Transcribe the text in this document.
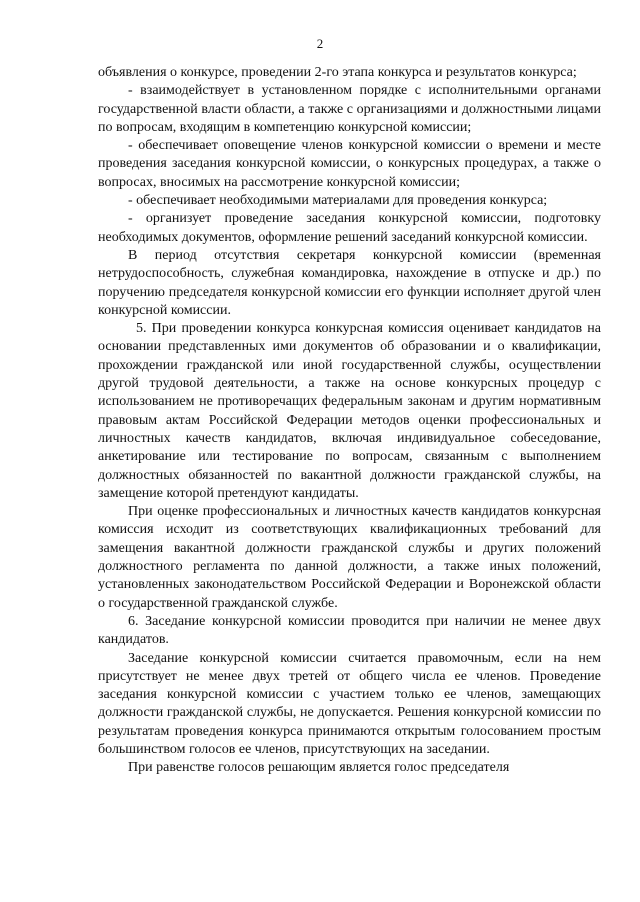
2

объявления о конкурсе, проведении 2-го этапа конкурса и результатов конкурса;

- взаимодействует в установленном порядке с исполнительными органами государственной власти области, а также с организациями и должностными лицами по вопросам, входящим в компетенцию конкурсной комиссии;

- обеспечивает оповещение членов конкурсной комиссии о времени и месте проведения заседания конкурсной комиссии, о конкурсных процедурах, а также о вопросах, вносимых на рассмотрение конкурсной комиссии;

- обеспечивает необходимыми материалами для проведения конкурса;

- организует проведение заседания конкурсной комиссии, подготовку необходимых документов, оформление решений заседаний конкурсной комиссии.

В период отсутствия секретаря конкурсной комиссии (временная нетрудоспособность, служебная командировка, нахождение в отпуске и др.) по поручению председателя конкурсной комиссии его функции исполняет другой член конкурсной комиссии.

5. При проведении конкурса конкурсная комиссия оценивает кандидатов на основании представленных ими документов об образовании и о квалификации, прохождении гражданской или иной государственной службы, осуществлении другой трудовой деятельности, а также на основе конкурсных процедур с использованием не противоречащих федеральным законам и другим нормативным правовым актам Российской Федерации методов оценки профессиональных и личностных качеств кандидатов, включая индивидуальное собеседование, анкетирование или тестирование по вопросам, связанным с выполнением должностных обязанностей по вакантной должности гражданской службы, на замещение которой претендуют кандидаты.

При оценке профессиональных и личностных качеств кандидатов конкурсная комиссия исходит из соответствующих квалификационных требований для замещения вакантной должности гражданской службы и других положений должностного регламента по данной должности, а также иных положений, установленных законодательством Российской Федерации и Воронежской области о государственной гражданской службе.

6. Заседание конкурсной комиссии проводится при наличии не менее двух кандидатов.

Заседание конкурсной комиссии считается правомочным, если на нем присутствует не менее двух третей от общего числа ее членов. Проведение заседания конкурсной комиссии с участием только ее членов, замещающих должности гражданской службы, не допускается. Решения конкурсной комиссии по результатам проведения конкурса принимаются открытым голосованием простым большинством голосов ее членов, присутствующих на заседании.

При равенстве голосов решающим является голос председателя
